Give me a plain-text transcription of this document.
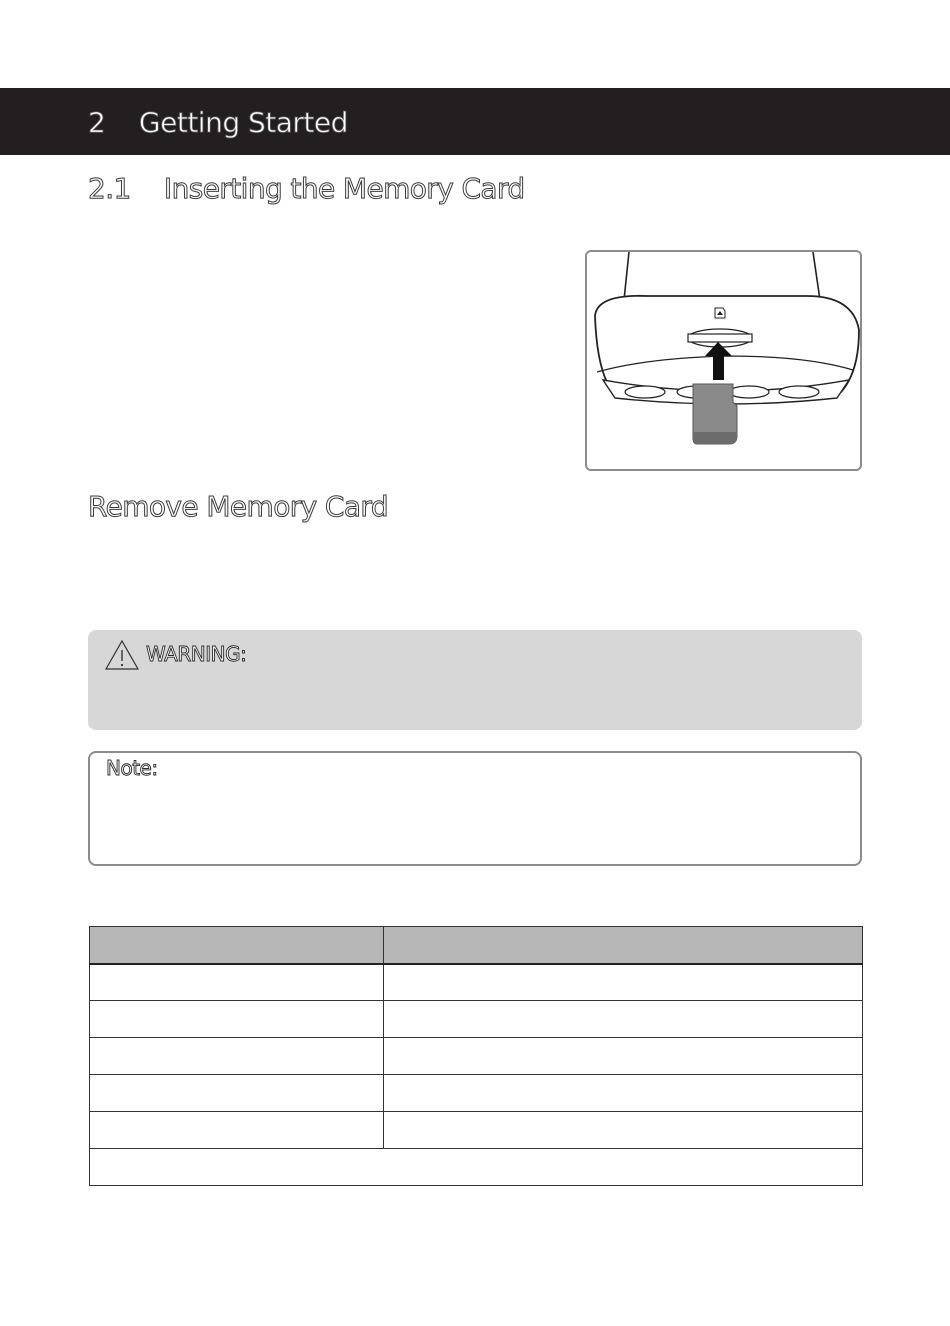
2    Getting Started
2.1    Inserting the Memory Card
Remove Memory Card
WARNING:
Note:
